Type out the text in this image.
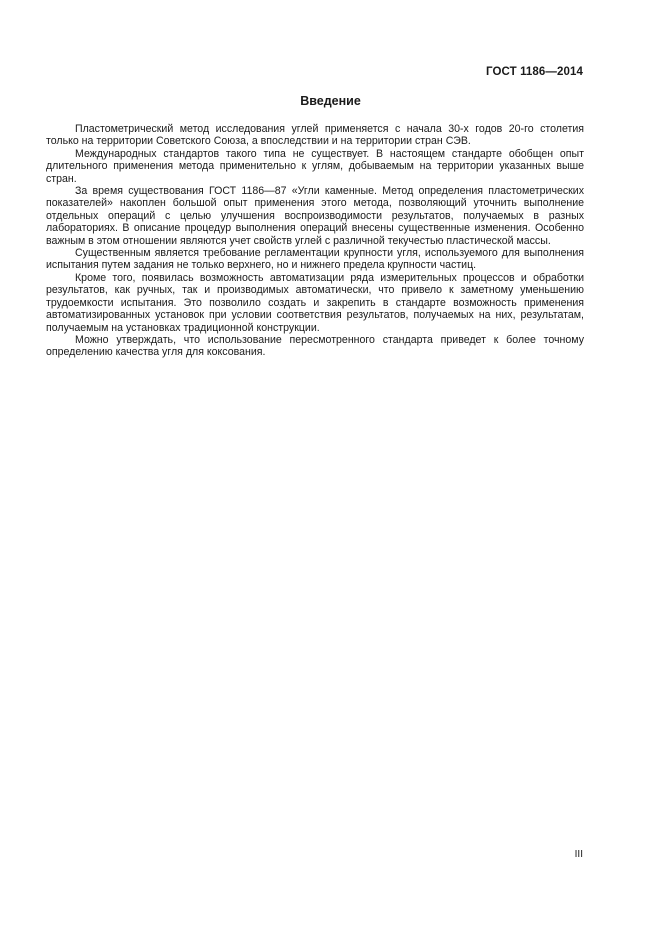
ГОСТ 1186—2014
Введение

Пластометрический метод исследования углей применяется с начала 30-х годов 20-го столетия только на территории Советского Союза, а впоследствии и на территории стран СЭВ.

Международных стандартов такого типа не существует. В настоящем стандарте обобщен опыт длительного применения метода применительно к углям, добываемым на территории указанных выше стран.

За время существования ГОСТ 1186—87 «Угли каменные. Метод определения пластометрических показателей» накоплен большой опыт применения этого метода, позволяющий уточнить выполнение отдельных операций с целью улучшения воспроизводимости результатов, получаемых в разных лабораториях. В описание процедур выполнения операций внесены существенные изменения. Особенно важным в этом отношении являются учет свойств углей с различной текучестью пластической массы.

Существенным является требование регламентации крупности угля, используемого для выполнения испытания путем задания не только верхнего, но и нижнего предела крупности частиц.

Кроме того, появилась возможность автоматизации ряда измерительных процессов и обработки результатов, как ручных, так и производимых автоматически, что привело к заметному уменьшению трудоемкости испытания. Это позволило создать и закрепить в стандарте возможность применения автоматизированных установок при условии соответствия результатов, получаемых на них, результатам, получаемым на установках традиционной конструкции.

Можно утверждать, что использование пересмотренного стандарта приведет к более точному определению качества угля для коксования.

III
